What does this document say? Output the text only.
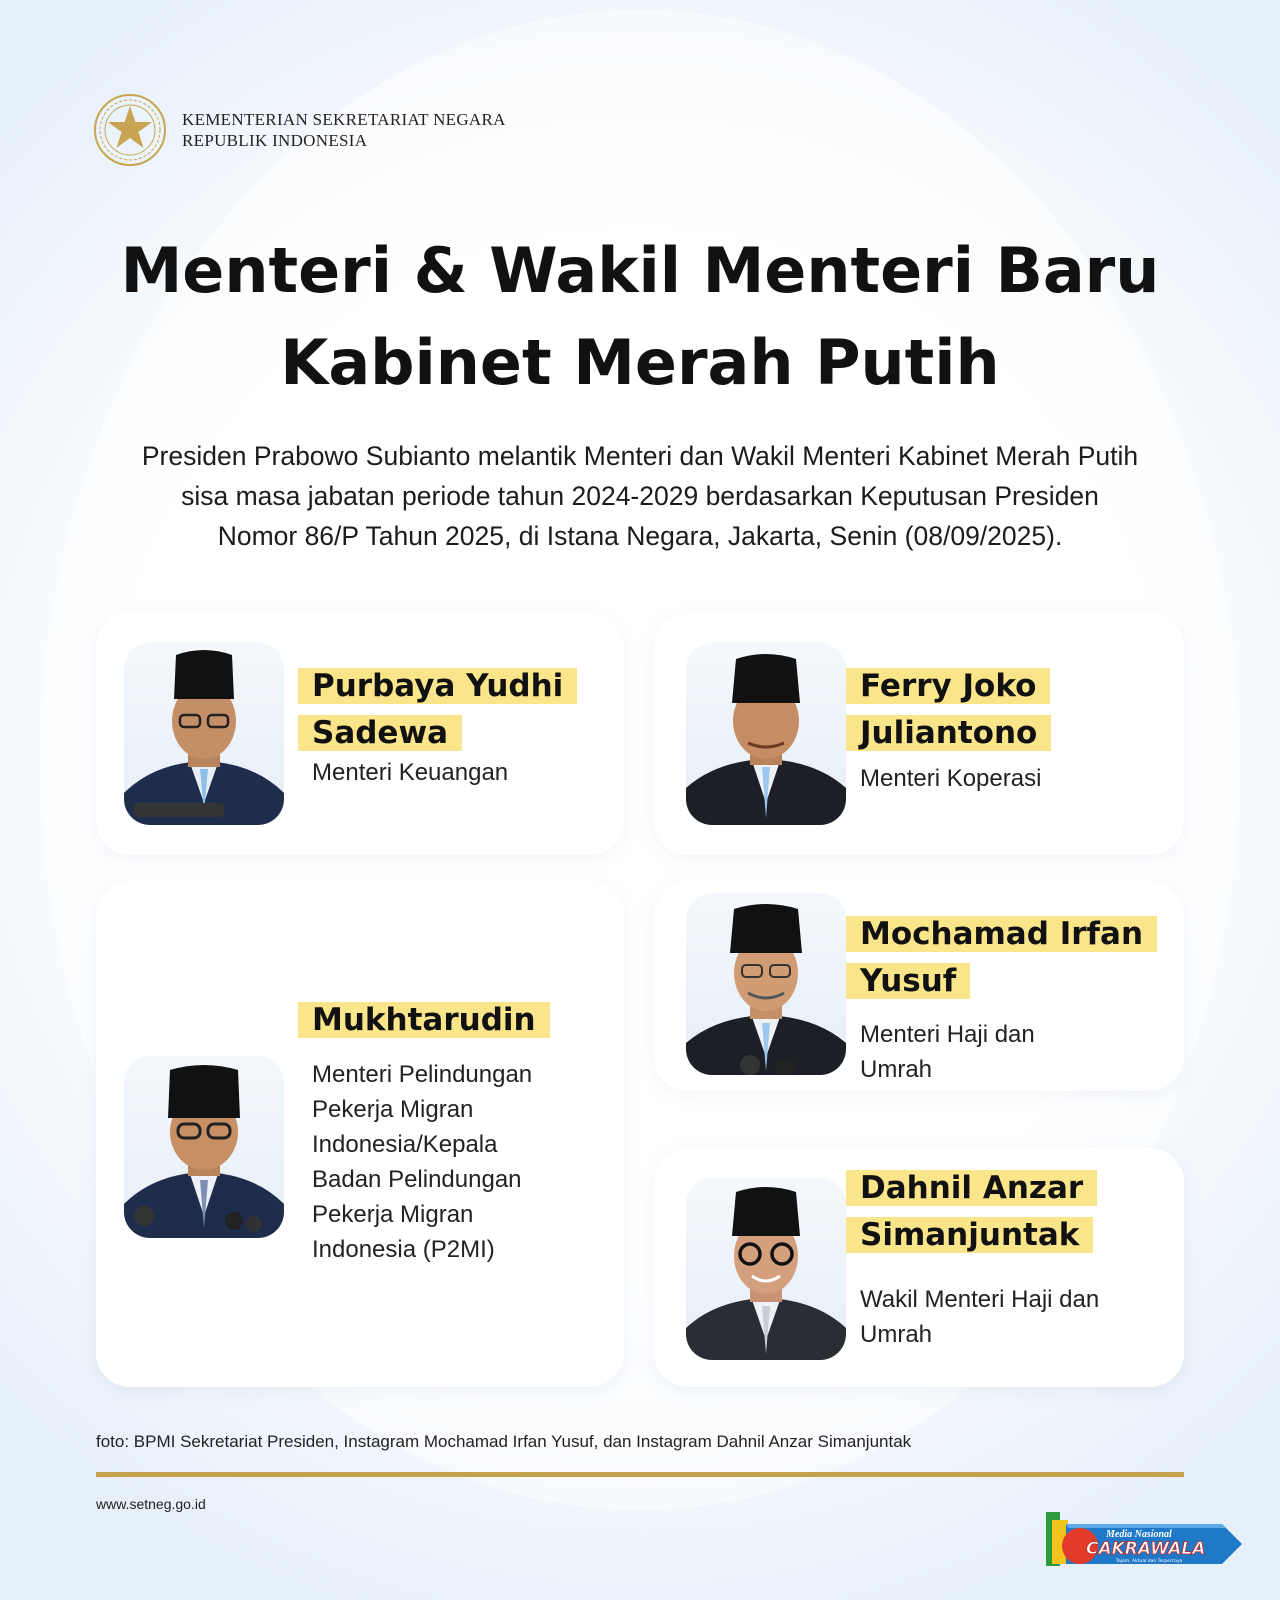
KEMENTERIAN SEKRETARIAT NEGARA
REPUBLIK INDONESIA
Menteri & Wakil Menteri Baru
Kabinet Merah Putih
Presiden Prabowo Subianto melantik Menteri dan Wakil Menteri Kabinet Merah Putih
sisa masa jabatan periode tahun 2024-2029 berdasarkan Keputusan Presiden
Nomor 86/P Tahun 2025, di Istana Negara, Jakarta, Senin (08/09/2025).
Purbaya Yudhi Sadewa
Menteri Keuangan
Ferry Joko Juliantono
Menteri Koperasi
Mukhtarudin
Menteri Pelindungan Pekerja Migran Indonesia/Kepala Badan Pelindungan Pekerja Migran Indonesia (P2MI)
Mochamad Irfan Yusuf
Menteri Haji dan Umrah
Dahnil Anzar Simanjuntak
Wakil Menteri Haji dan Umrah
foto: BPMI Sekretariat Presiden, Instagram Mochamad Irfan Yusuf, dan Instagram Dahnil Anzar Simanjuntak
www.setneg.go.id
Media Nasional
CAKRAWALA
Tajam, Aktual dan Terpercaya
